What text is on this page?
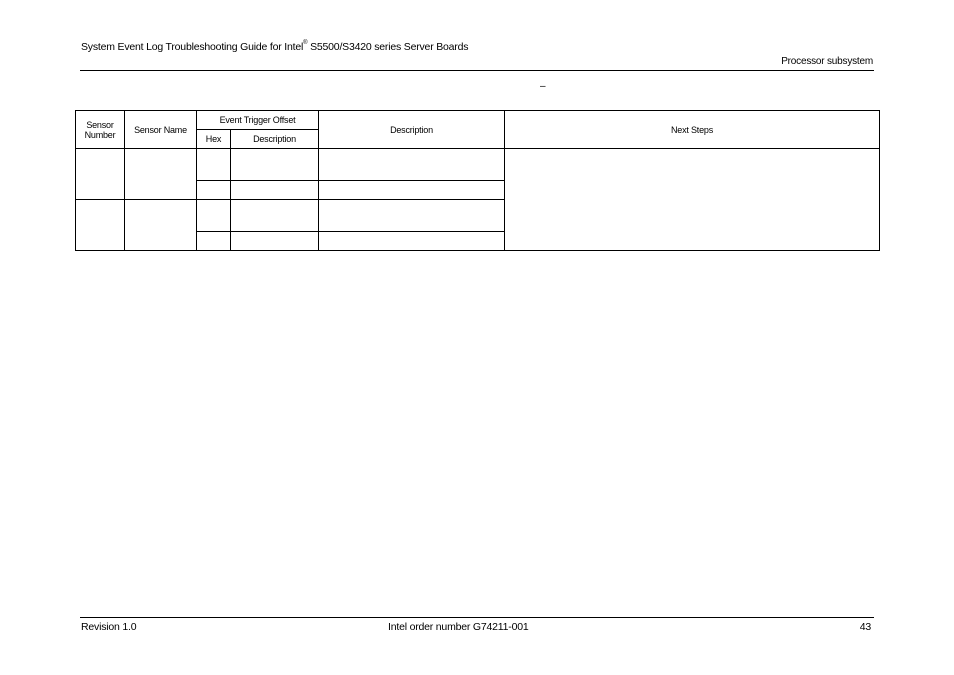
System Event Log Troubleshooting Guide for Intel® S5500/S3420 series Server Boards
Processor subsystem
–
Sensor Number	Sensor Name	Event Trigger Offset		Description	Next Steps
		Hex	Description		

Revision 1.0	Intel order number G74211-001	43
